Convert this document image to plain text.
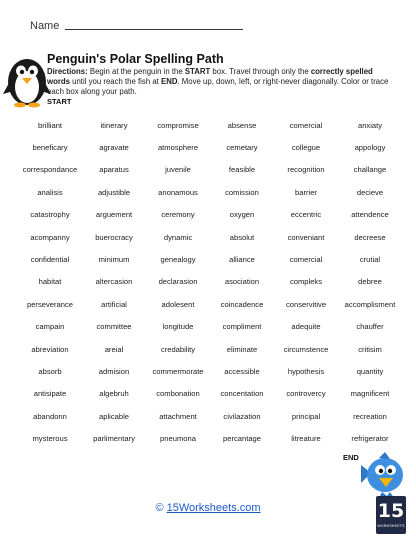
Name
Penguin's Polar Spelling Path
Directions: Begin at the penguin in the START box. Travel through only the correctly spelled words until you reach the fish at END. Move up, down, left, or right-never diagonally. Color or trace each box along your path.
START
brilliant	itinerary	compromise	absense	comercial	anxiaty
beneficary	agravate	atmosphere	cemetary	collegue	appology
correspondance	aparatus	juvenile	feasible	recognition	challange
analisis	adjustible	anonamous	comission	barrier	decieve
catastrophy	arguement	ceremony	oxygen	eccentric	attendence
acompanny	buerocracy	dynamic	absolut	conveniant	decreese
confidential	minimum	genealogy	alliance	comercial	crutial
habitat	altercasion	declarasion	asociation	compleks	debree
perseverance	artificial	adolesent	coincadence	conservitive	accomplisment
campain	committee	longitude	compliment	adequite	chauffer
abreviation	areial	credability	eliminate	circumstence	critisim
absorb	admision	commermorate	accessible	hypothesis	quantity
antisipate	algebruh	combonation	concentation	controvercy	magnificent
abandonn	aplicable	attachment	civilazation	principal	recreation
mysterous	parlimentary	pneumona	percantage	litreature	refrigerator
END
© 15Worksheets.com	15
WORKSHEETS
